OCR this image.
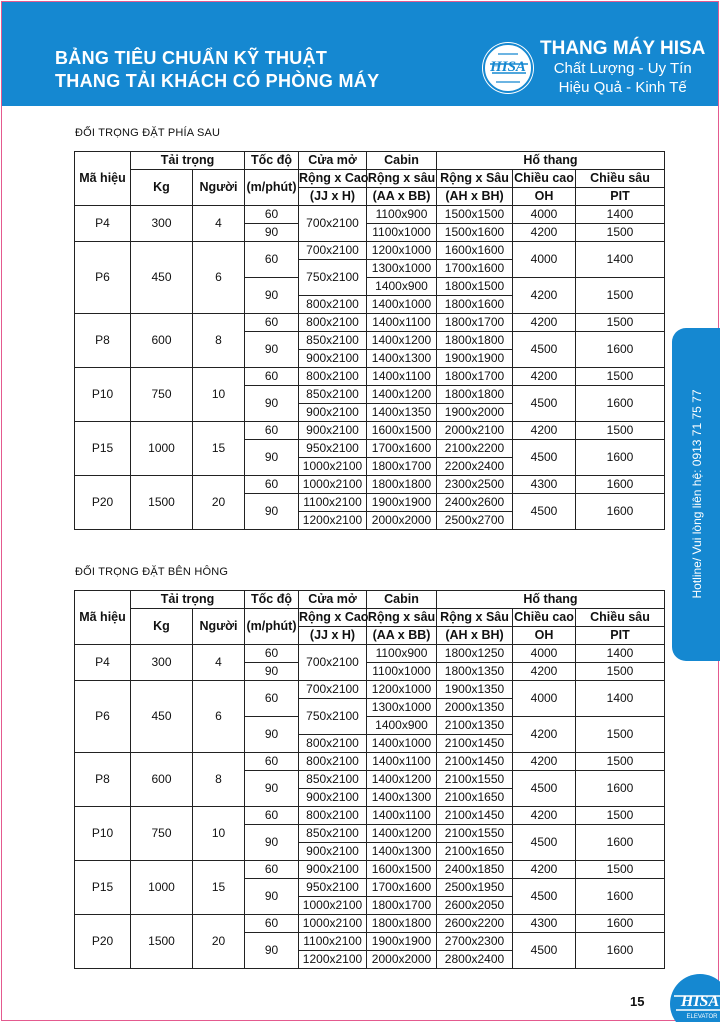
BẢNG TIÊU CHUẨN KỸ THUẬT
THANG TẢI KHÁCH CÓ PHÒNG MÁY
HISA
THANG MÁY HISA
Chất Lượng - Uy Tín
Hiệu Quả - Kinh Tế
ĐỐI TRỌNG ĐẶT PHÍA SAU
Mã hiệu	Tải trọng		Tốc độ	Cửa mở	Cabin	Hố thang		
	Kg	Người	(m/phút)	Rộng x Cao	Rộng x sâu	Rộng x Sâu	Chiều cao	Chiều sâu
				(JJ x H)	(AA x BB)	(AH x BH)	OH	PIT
P4	300	4	60	700x2100	1100x900	1500x1500	4000	1400
			90		1100x1000	1500x1600	4200	1500
P6	450	6	60	700x2100	1200x1000	1600x1600	4000	1400
				750x2100	1300x1000	1700x1600		
			90		1400x900	1800x1500	4200	1500
				800x2100	1400x1000	1800x1600		
P8	600	8	60	800x2100	1400x1100	1800x1700	4200	1500
			90	850x2100	1400x1200	1800x1800	4500	1600
				900x2100	1400x1300	1900x1900		
P10	750	10	60	800x2100	1400x1100	1800x1700	4200	1500
			90	850x2100	1400x1200	1800x1800	4500	1600
				900x2100	1400x1350	1900x2000		
P15	1000	15	60	900x2100	1600x1500	2000x2100	4200	1500
			90	950x2100	1700x1600	2100x2200	4500	1600
				1000x2100	1800x1700	2200x2400		
P20	1500	20	60	1000x2100	1800x1800	2300x2500	4300	1600
			90	1100x2100	1900x1900	2400x2600	4500	1600
				1200x2100	2000x2000	2500x2700		
ĐỐI TRỌNG ĐẶT BÊN HÔNG
Mã hiệu	Tải trọng		Tốc độ	Cửa mở	Cabin	Hố thang		
	Kg	Người	(m/phút)	Rộng x Cao	Rộng x sâu	Rộng x Sâu	Chiều cao	Chiều sâu
				(JJ x H)	(AA x BB)	(AH x BH)	OH	PIT
P4	300	4	60	700x2100	1100x900	1800x1250	4000	1400
			90		1100x1000	1800x1350	4200	1500
P6	450	6	60	700x2100	1200x1000	1900x1350	4000	1400
				750x2100	1300x1000	2000x1350		
			90		1400x900	2100x1350	4200	1500
				800x2100	1400x1000	2100x1450		
P8	600	8	60	800x2100	1400x1100	2100x1450	4200	1500
			90	850x2100	1400x1200	2100x1550	4500	1600
				900x2100	1400x1300	2100x1650		
P10	750	10	60	800x2100	1400x1100	2100x1450	4200	1500
			90	850x2100	1400x1200	2100x1550	4500	1600
				900x2100	1400x1300	2100x1650		
P15	1000	15	60	900x2100	1600x1500	2400x1850	4200	1500
			90	950x2100	1700x1600	2500x1950	4500	1600
				1000x2100	1800x1700	2600x2050		
P20	1500	20	60	1000x2100	1800x1800	2600x2200	4300	1600
			90	1100x2100	1900x1900	2700x2300	4500	1600
				1200x2100	2000x2000	2800x2400		
Hotline/ Vui lòng liên hệ: 0913 71 75 77
HISA
ELEVATOR
15
